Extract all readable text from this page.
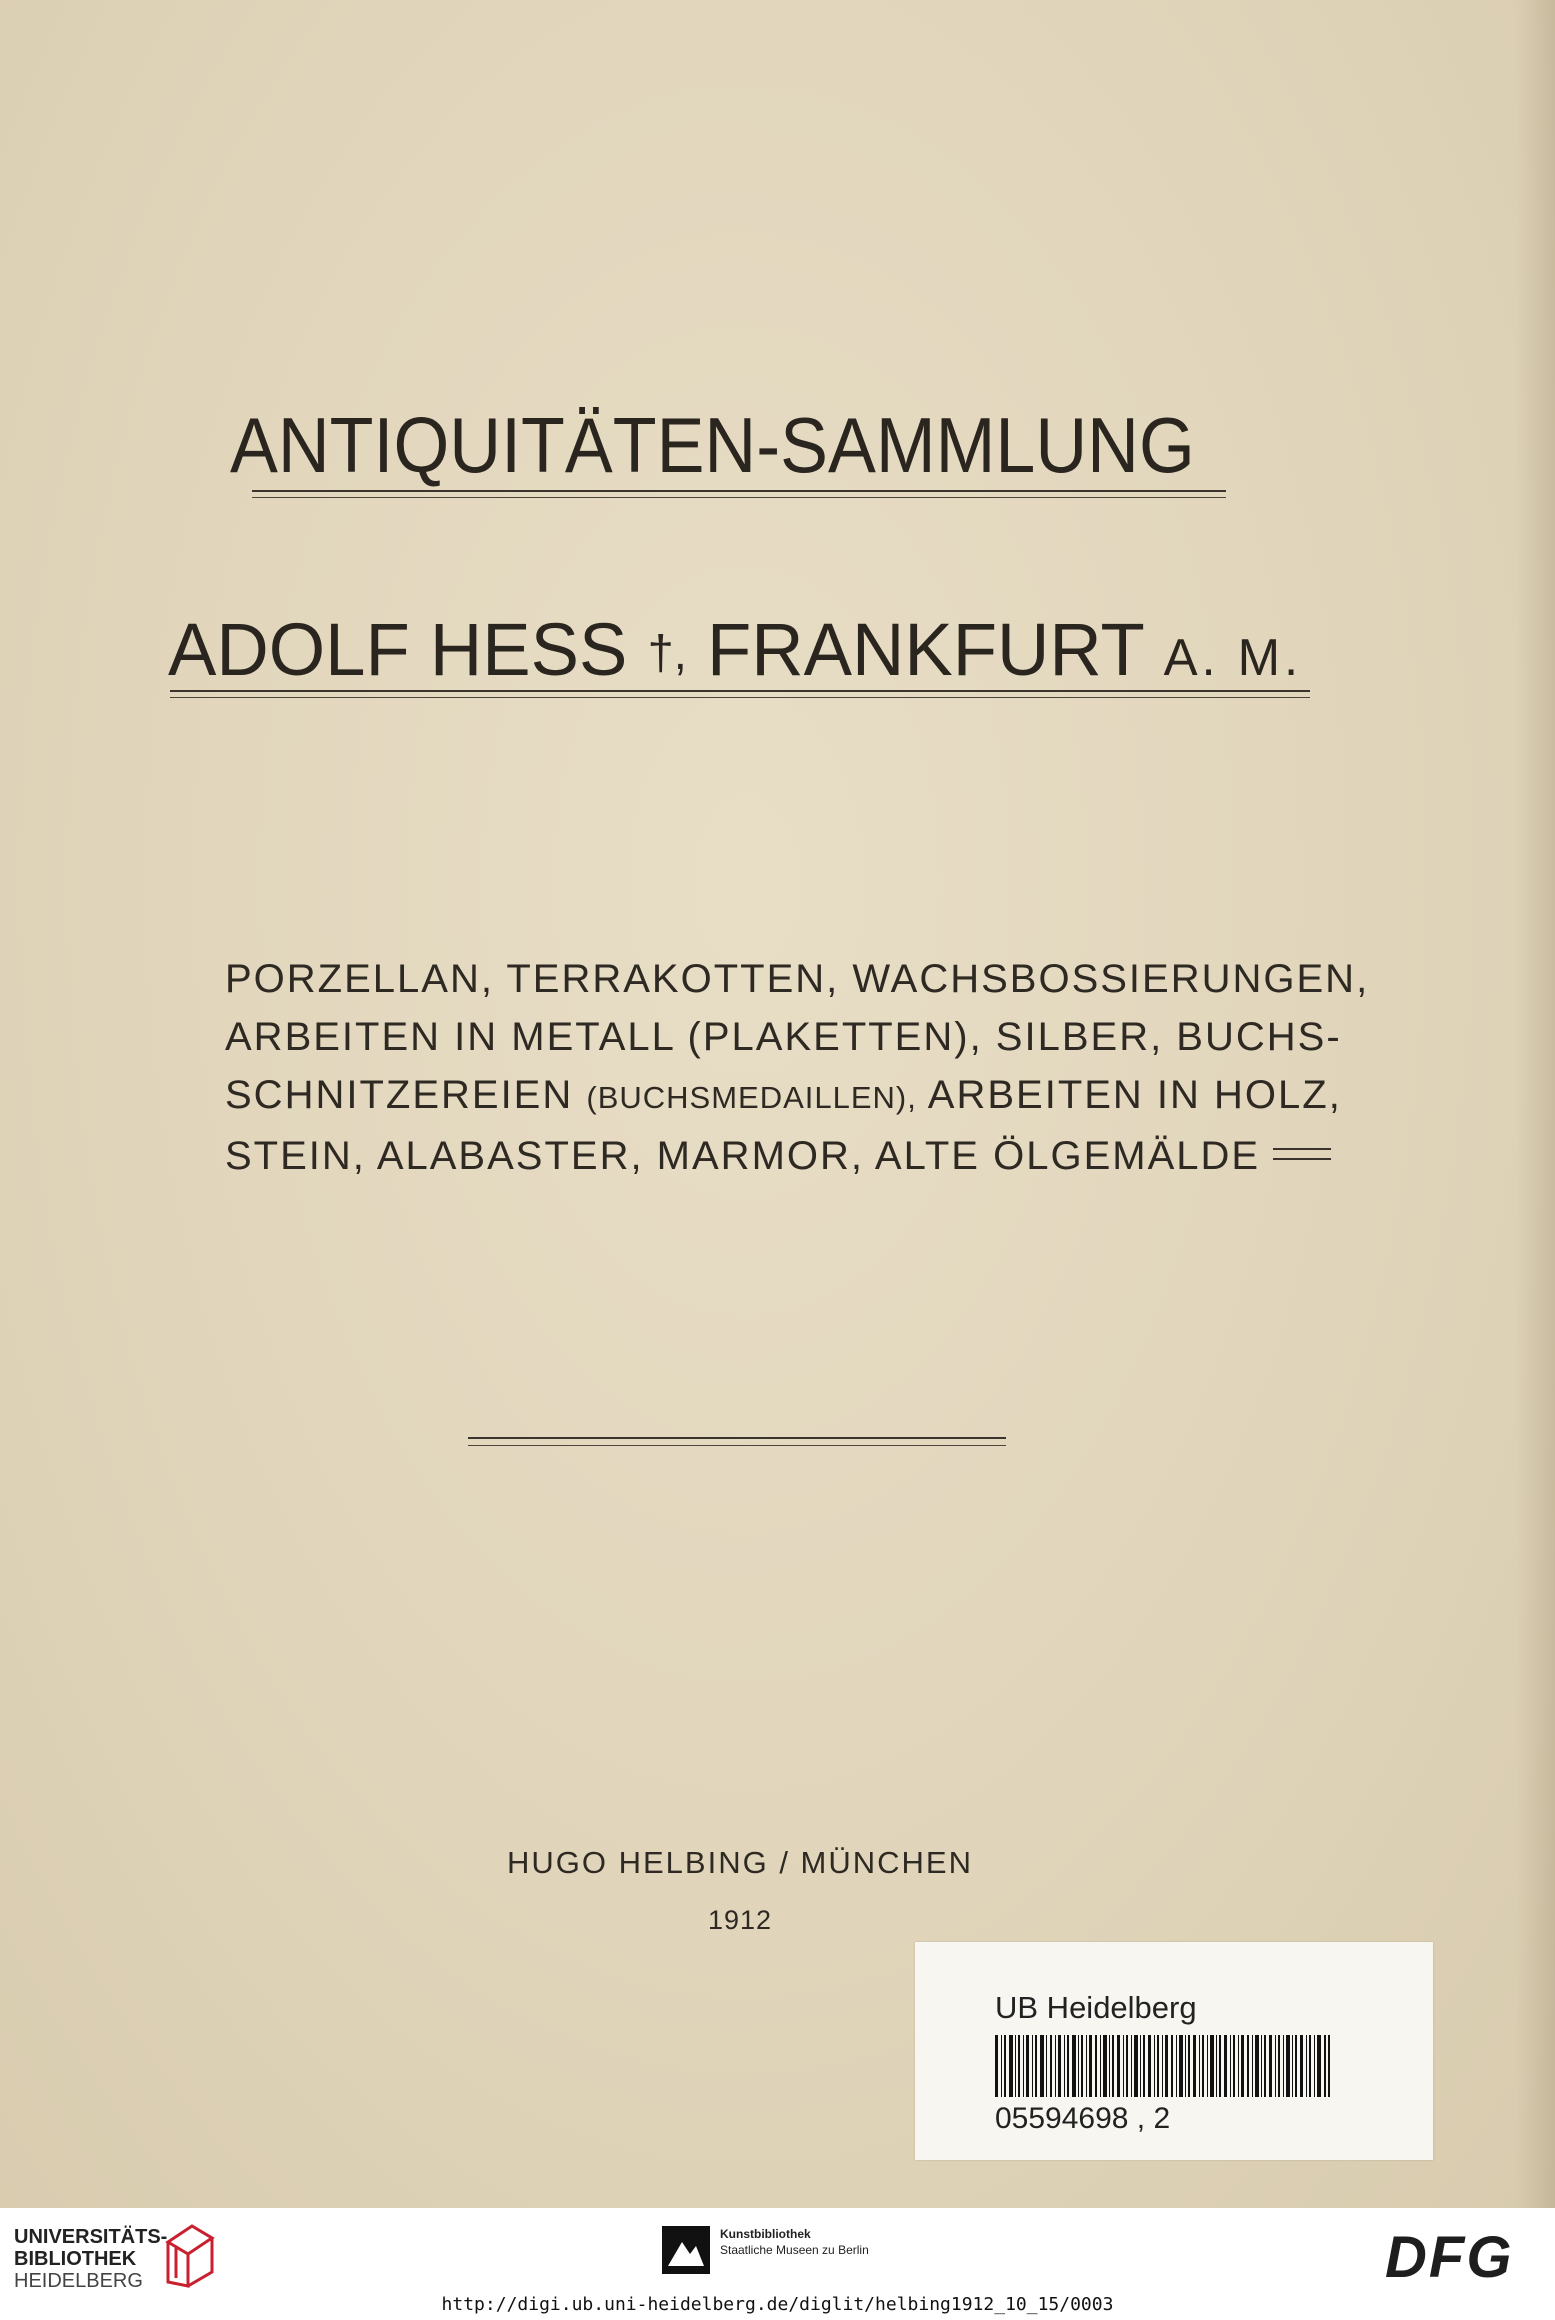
ANTIQUITÄTEN-SAMMLUNG
ADOLF HESS †, FRANKFURT A. M.
PORZELLAN, TERRAKOTTEN, WACHSBOSSIERUNGEN,
ARBEITEN IN METALL (PLAKETTEN), SILBER, BUCHS-
SCHNITZEREIEN (BUCHSMEDAILLEN), ARBEITEN IN HOLZ,
STEIN, ALABASTER, MARMOR, ALTE ÖLGEMÄLDE
HUGO HELBING / MÜNCHEN
1912
UB Heidelberg
05594698 , 2
UNIVERSITÄTS-
BIBLIOTHEK
HEIDELBERG
Kunstbibliothek
Staatliche Museen zu Berlin	DFG
http://digi.ub.uni-heidelberg.de/diglit/helbing1912_10_15/0003
